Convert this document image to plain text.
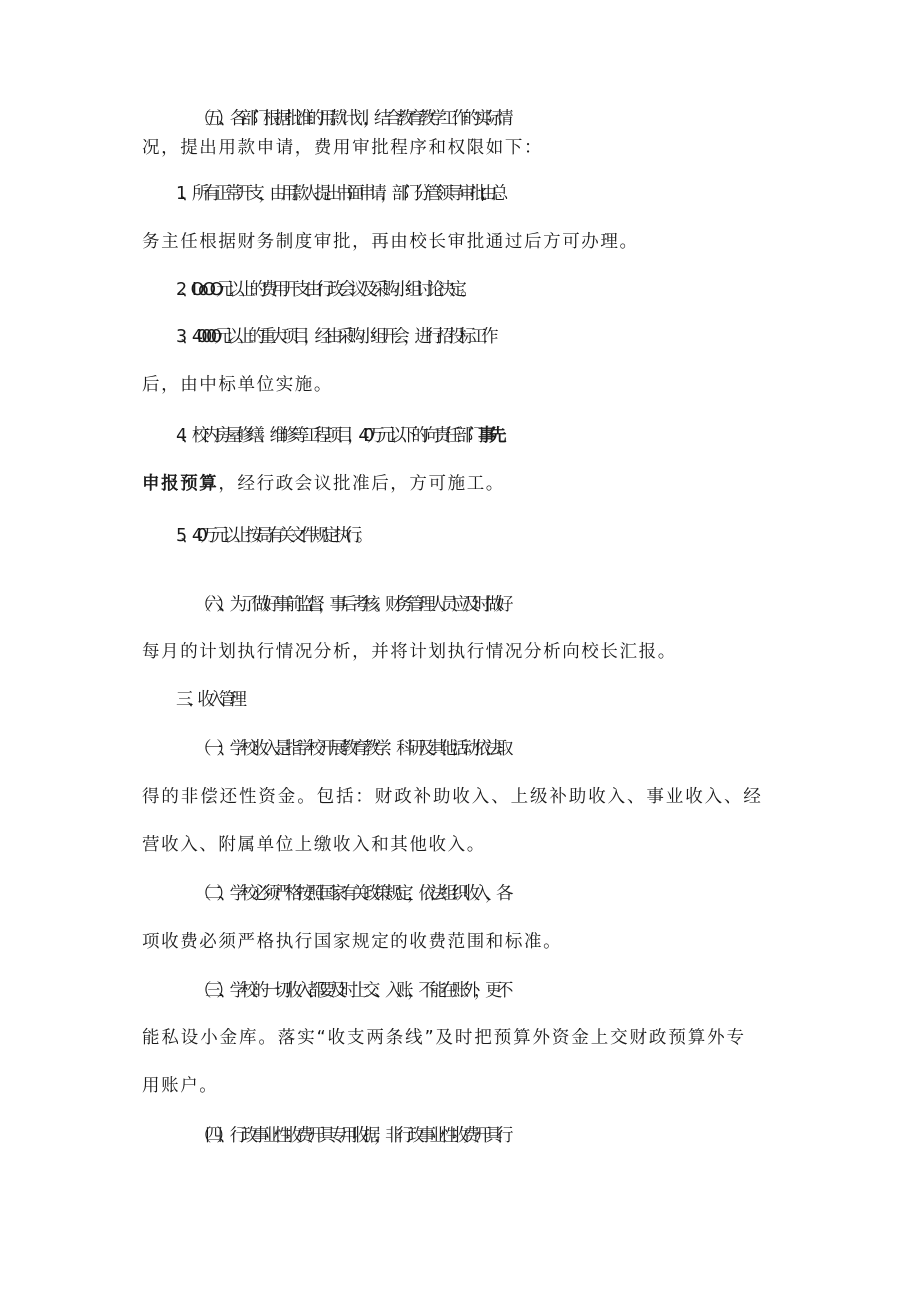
（五）、各部门根据批准的用款计划，结合教育教学工作的实际情
况，提出用款申请，费用审批程序和权限如下：
1、所有正常开支，由用款人提出书面申请，部门分管领导审批,由总
务主任根据财务制度审批，再由校长审批通过后方可办理。
2、IOoOO 元以上的费用开支由行政会议及采购小组讨论决定。
3、40000 元以上的重大项目，经由采购小组开会，进行招投标工作
后，由中标单位实施。
4、校内房屋修缮、维修等工程项目，40 万元以下的向责任部门事先
申报预算，经行政会议批准后，方可施工。
5、40 万元以上按局有关文件规定执行。
（六）、为了做好事前监督，事后考核。财务管理人员应及时做好
每月的计划执行情况分析，并将计划执行情况分析向校长汇报。
三、收入管理
（一）、学校收入是指学校开展教育教学、科研及其他活动依法取
得的非偿还性资金。包括：财政补助收入、上级补助收入、事业收入、经
营收入、附属单位上缴收入和其他收入。
（二）、学校必须严格按照国家有关政策规定，依法组织收入，各
项收费必须严格执行国家规定的收费范围和标准。
（三）、学校的一切收入都要及时上交、入账，不能在账外，更不
能私设小金库。落实“收支两条线”及时把预算外资金上交财政预算外专
用账户。
（四）、行政事业性收费开具专用收据，非行政事业性收费开具行
